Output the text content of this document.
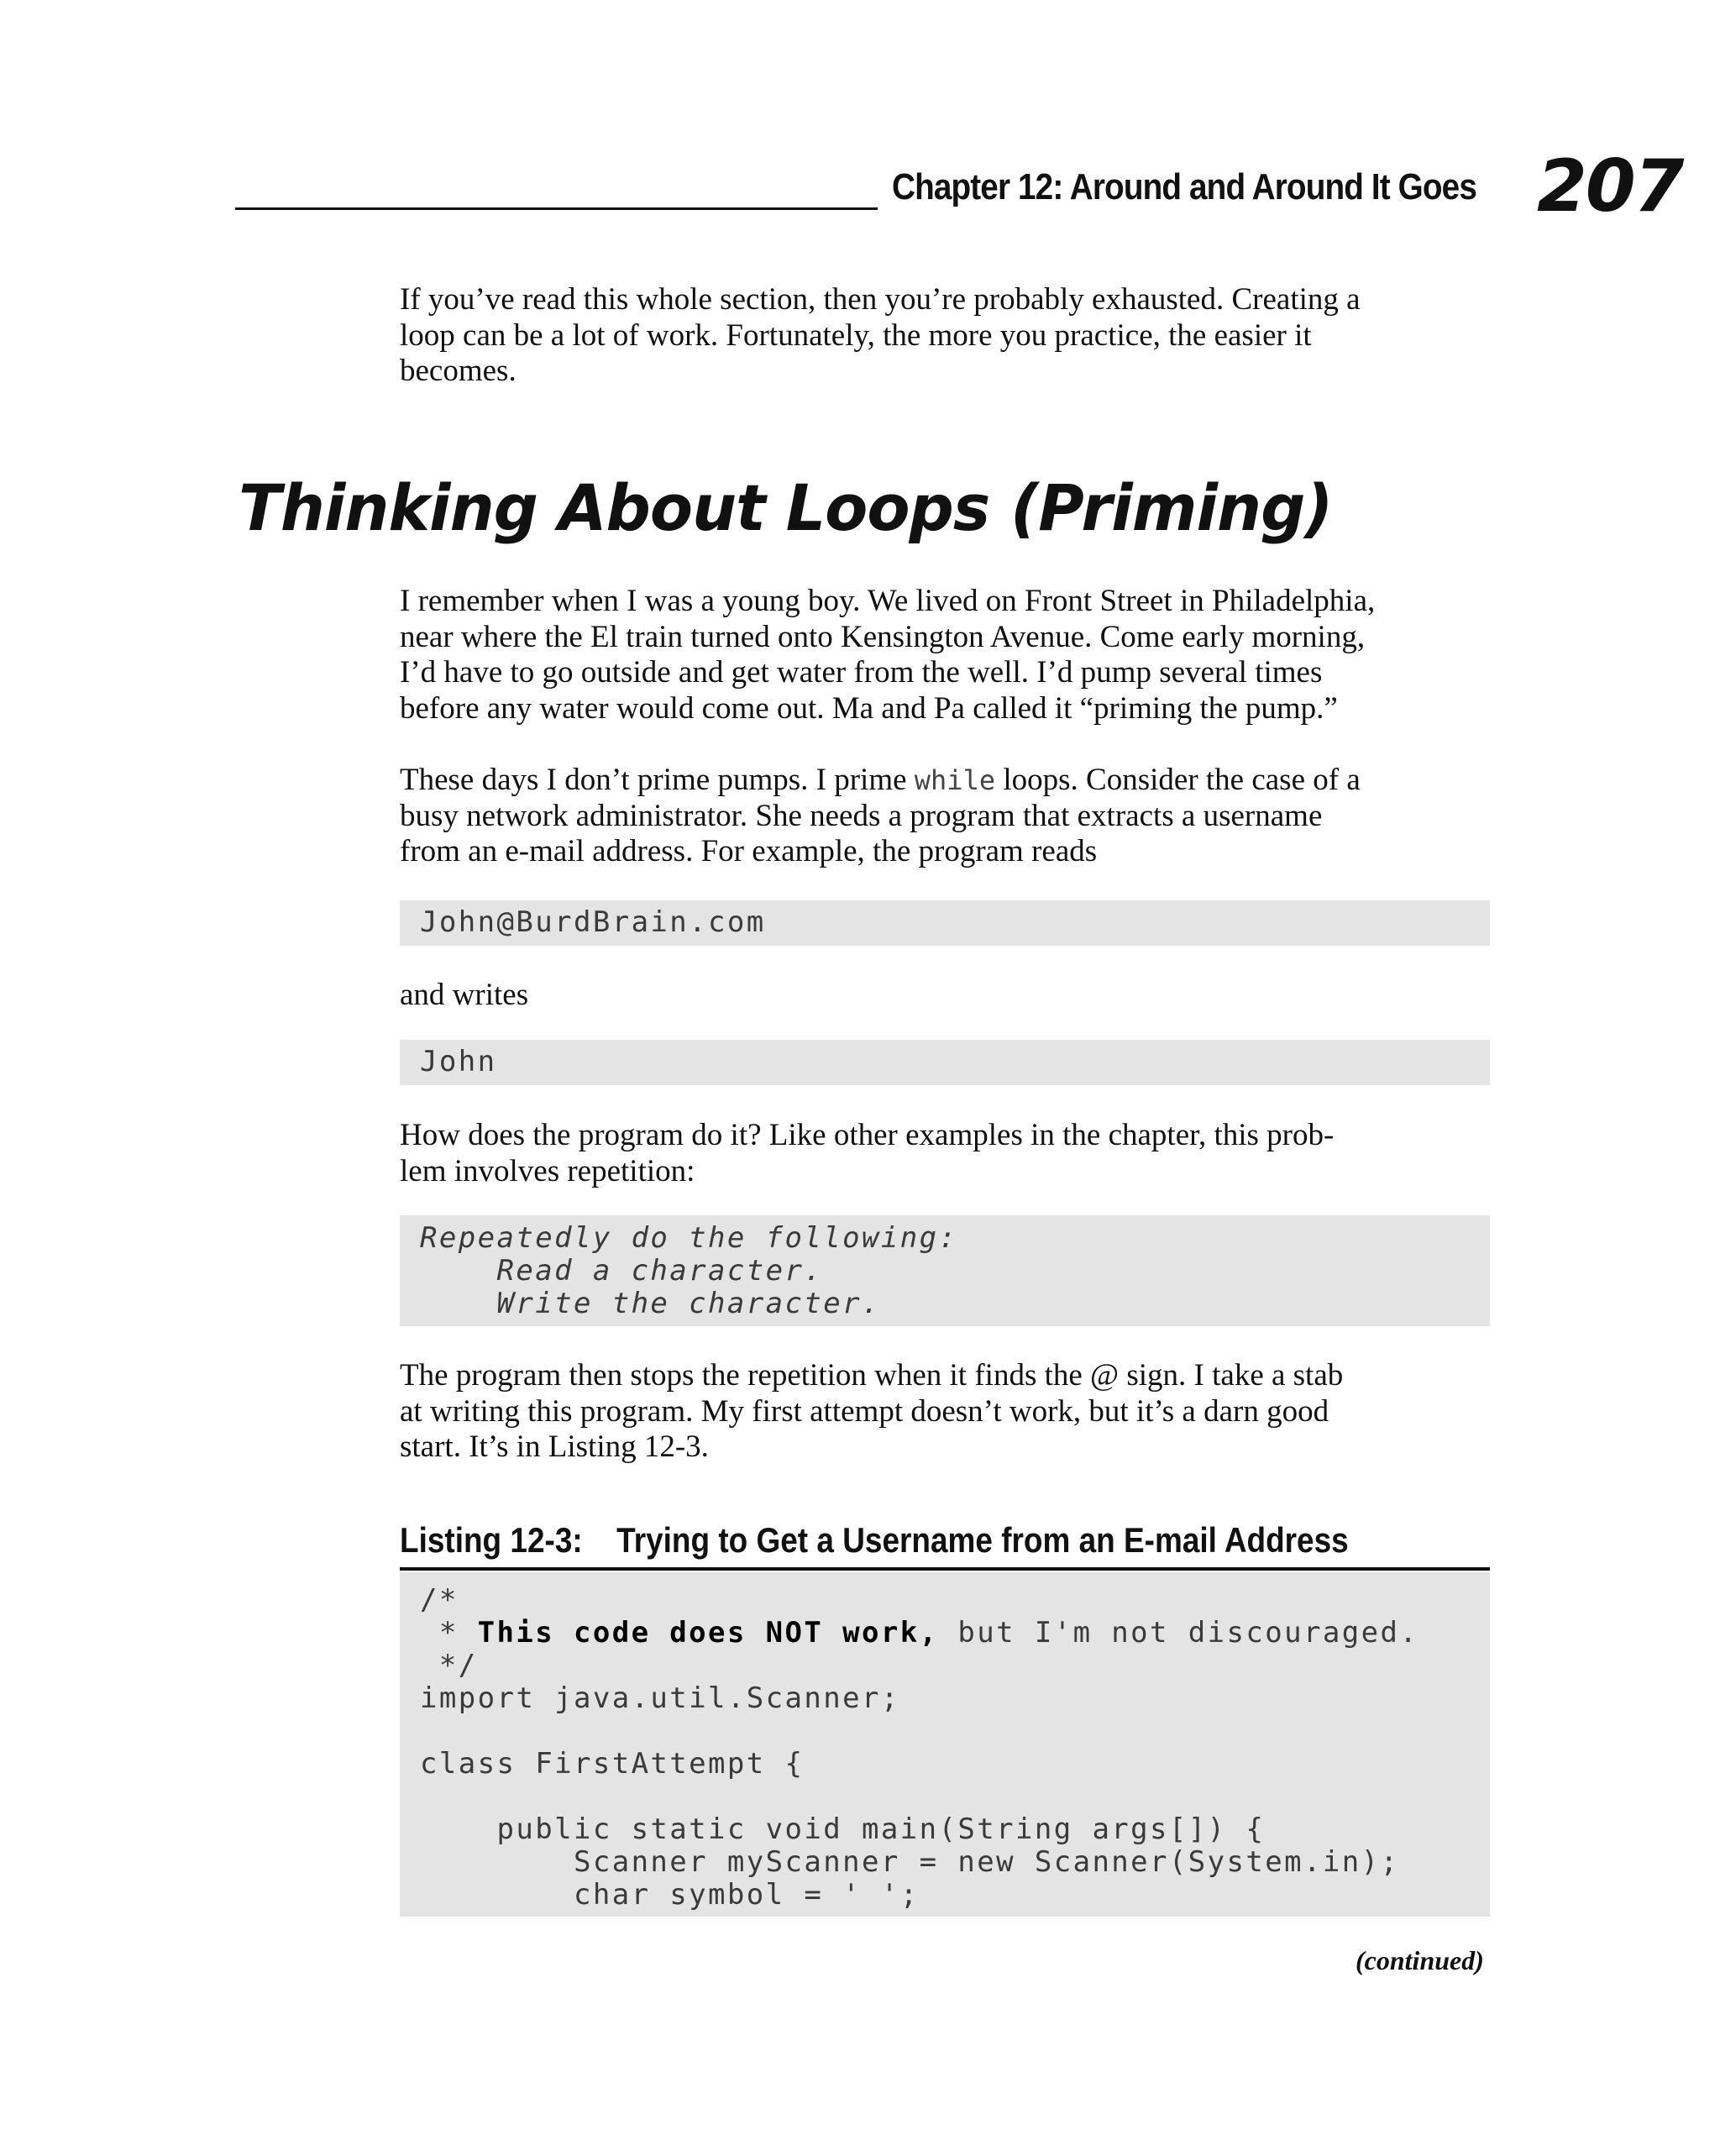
Chapter 12: Around and Around It Goes 207

If you’ve read this whole section, then you’re probably exhausted. Creating a
loop can be a lot of work. Fortunately, the more you practice, the easier it
becomes.

Thinking About Loops (Priming)

I remember when I was a young boy. We lived on Front Street in Philadelphia,
near where the El train turned onto Kensington Avenue. Come early morning,
I’d have to go outside and get water from the well. I’d pump several times
before any water would come out. Ma and Pa called it “priming the pump.”

These days I don’t prime pumps. I prime while loops. Consider the case of a
busy network administrator. She needs a program that extracts a username
from an e-mail address. For example, the program reads

John@BurdBrain.com

and writes

John

How does the program do it? Like other examples in the chapter, this prob-
lem involves repetition:

Repeatedly do the following:
Read a character.
Write the character.

The program then stops the repetition when it finds the @ sign. I take a stab
at writing this program. My first attempt doesn’t work, but it’s a darn good
start. It’s in Listing 12-3.

Listing 12-3: Trying to Get a Username from an E-mail Address
/*
* This code does NOT work, but I'm not discouraged.
*/
import java.util.Scanner;
class FirstAttempt {
public static void main(String args[]) {
Scanner myScanner = new Scanner(System.in);
char symbol = ' ';
(continued)
